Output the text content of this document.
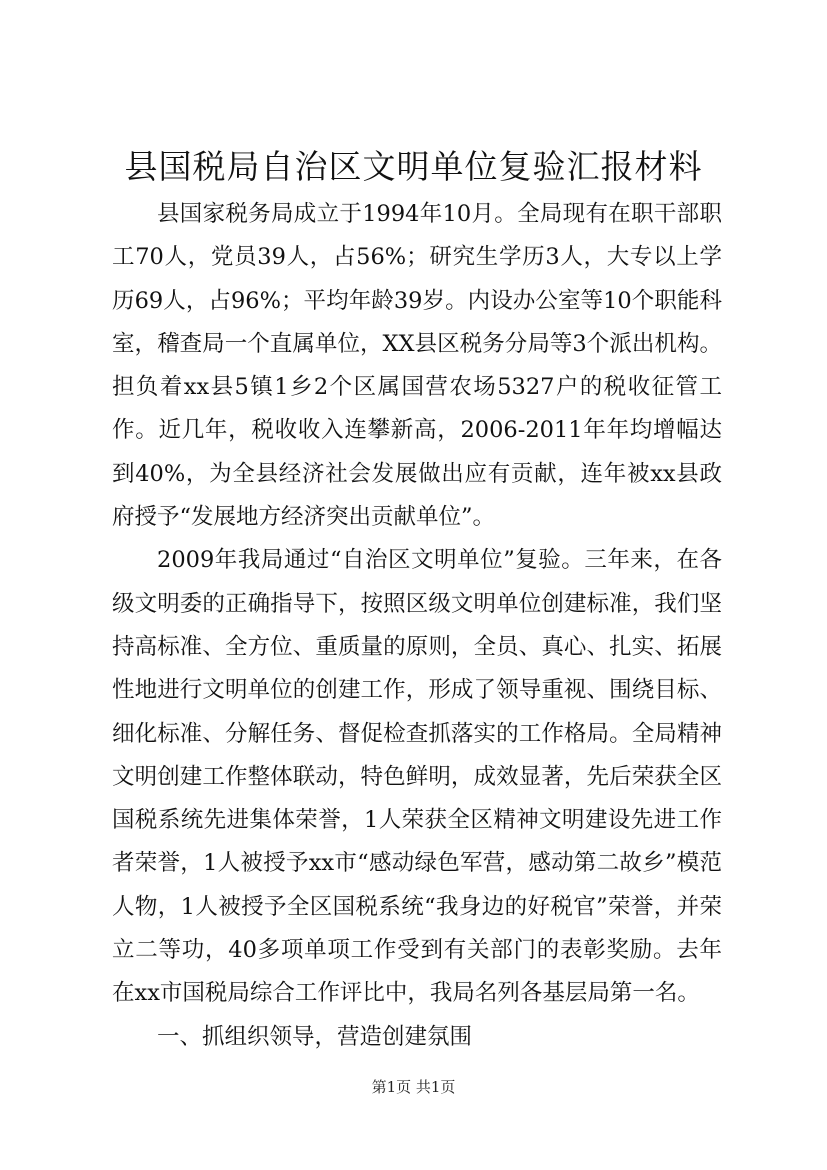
县国税局自治区文明单位复验汇报材料

县国家税务局成立于1994年10月。全局现有在职干部职工70人，党员39人，占56%；研究生学历3人，大专以上学历69人，占96%；平均年龄39岁。内设办公室等10个职能科室，稽查局一个直属单位，XX县区税务分局等3个派出机构。担负着xx县5镇1乡2个区属国营农场5327户的税收征管工作。近几年，税收收入连攀新高，2006-2011年年均增幅达到40%，为全县经济社会发展做出应有贡献，连年被xx县政府授予“发展地方经济突出贡献单位”。

2009年我局通过“自治区文明单位”复验。三年来，在各级文明委的正确指导下，按照区级文明单位创建标准，我们坚持高标准、全方位、重质量的原则，全员、真心、扎实、拓展性地进行文明单位的创建工作，形成了领导重视、围绕目标、细化标准、分解任务、督促检查抓落实的工作格局。全局精神文明创建工作整体联动，特色鲜明，成效显著，先后荣获全区国税系统先进集体荣誉，1人荣获全区精神文明建设先进工作者荣誉，1人被授予xx市“感动绿色军营，感动第二故乡”模范人物，1人被授予全区国税系统“我身边的好税官”荣誉，并荣立二等功，40多项单项工作受到有关部门的表彰奖励。去年在xx市国税局综合工作评比中，我局名列各基层局第一名。

一、抓组织领导，营造创建氛围

第1页 共1页
